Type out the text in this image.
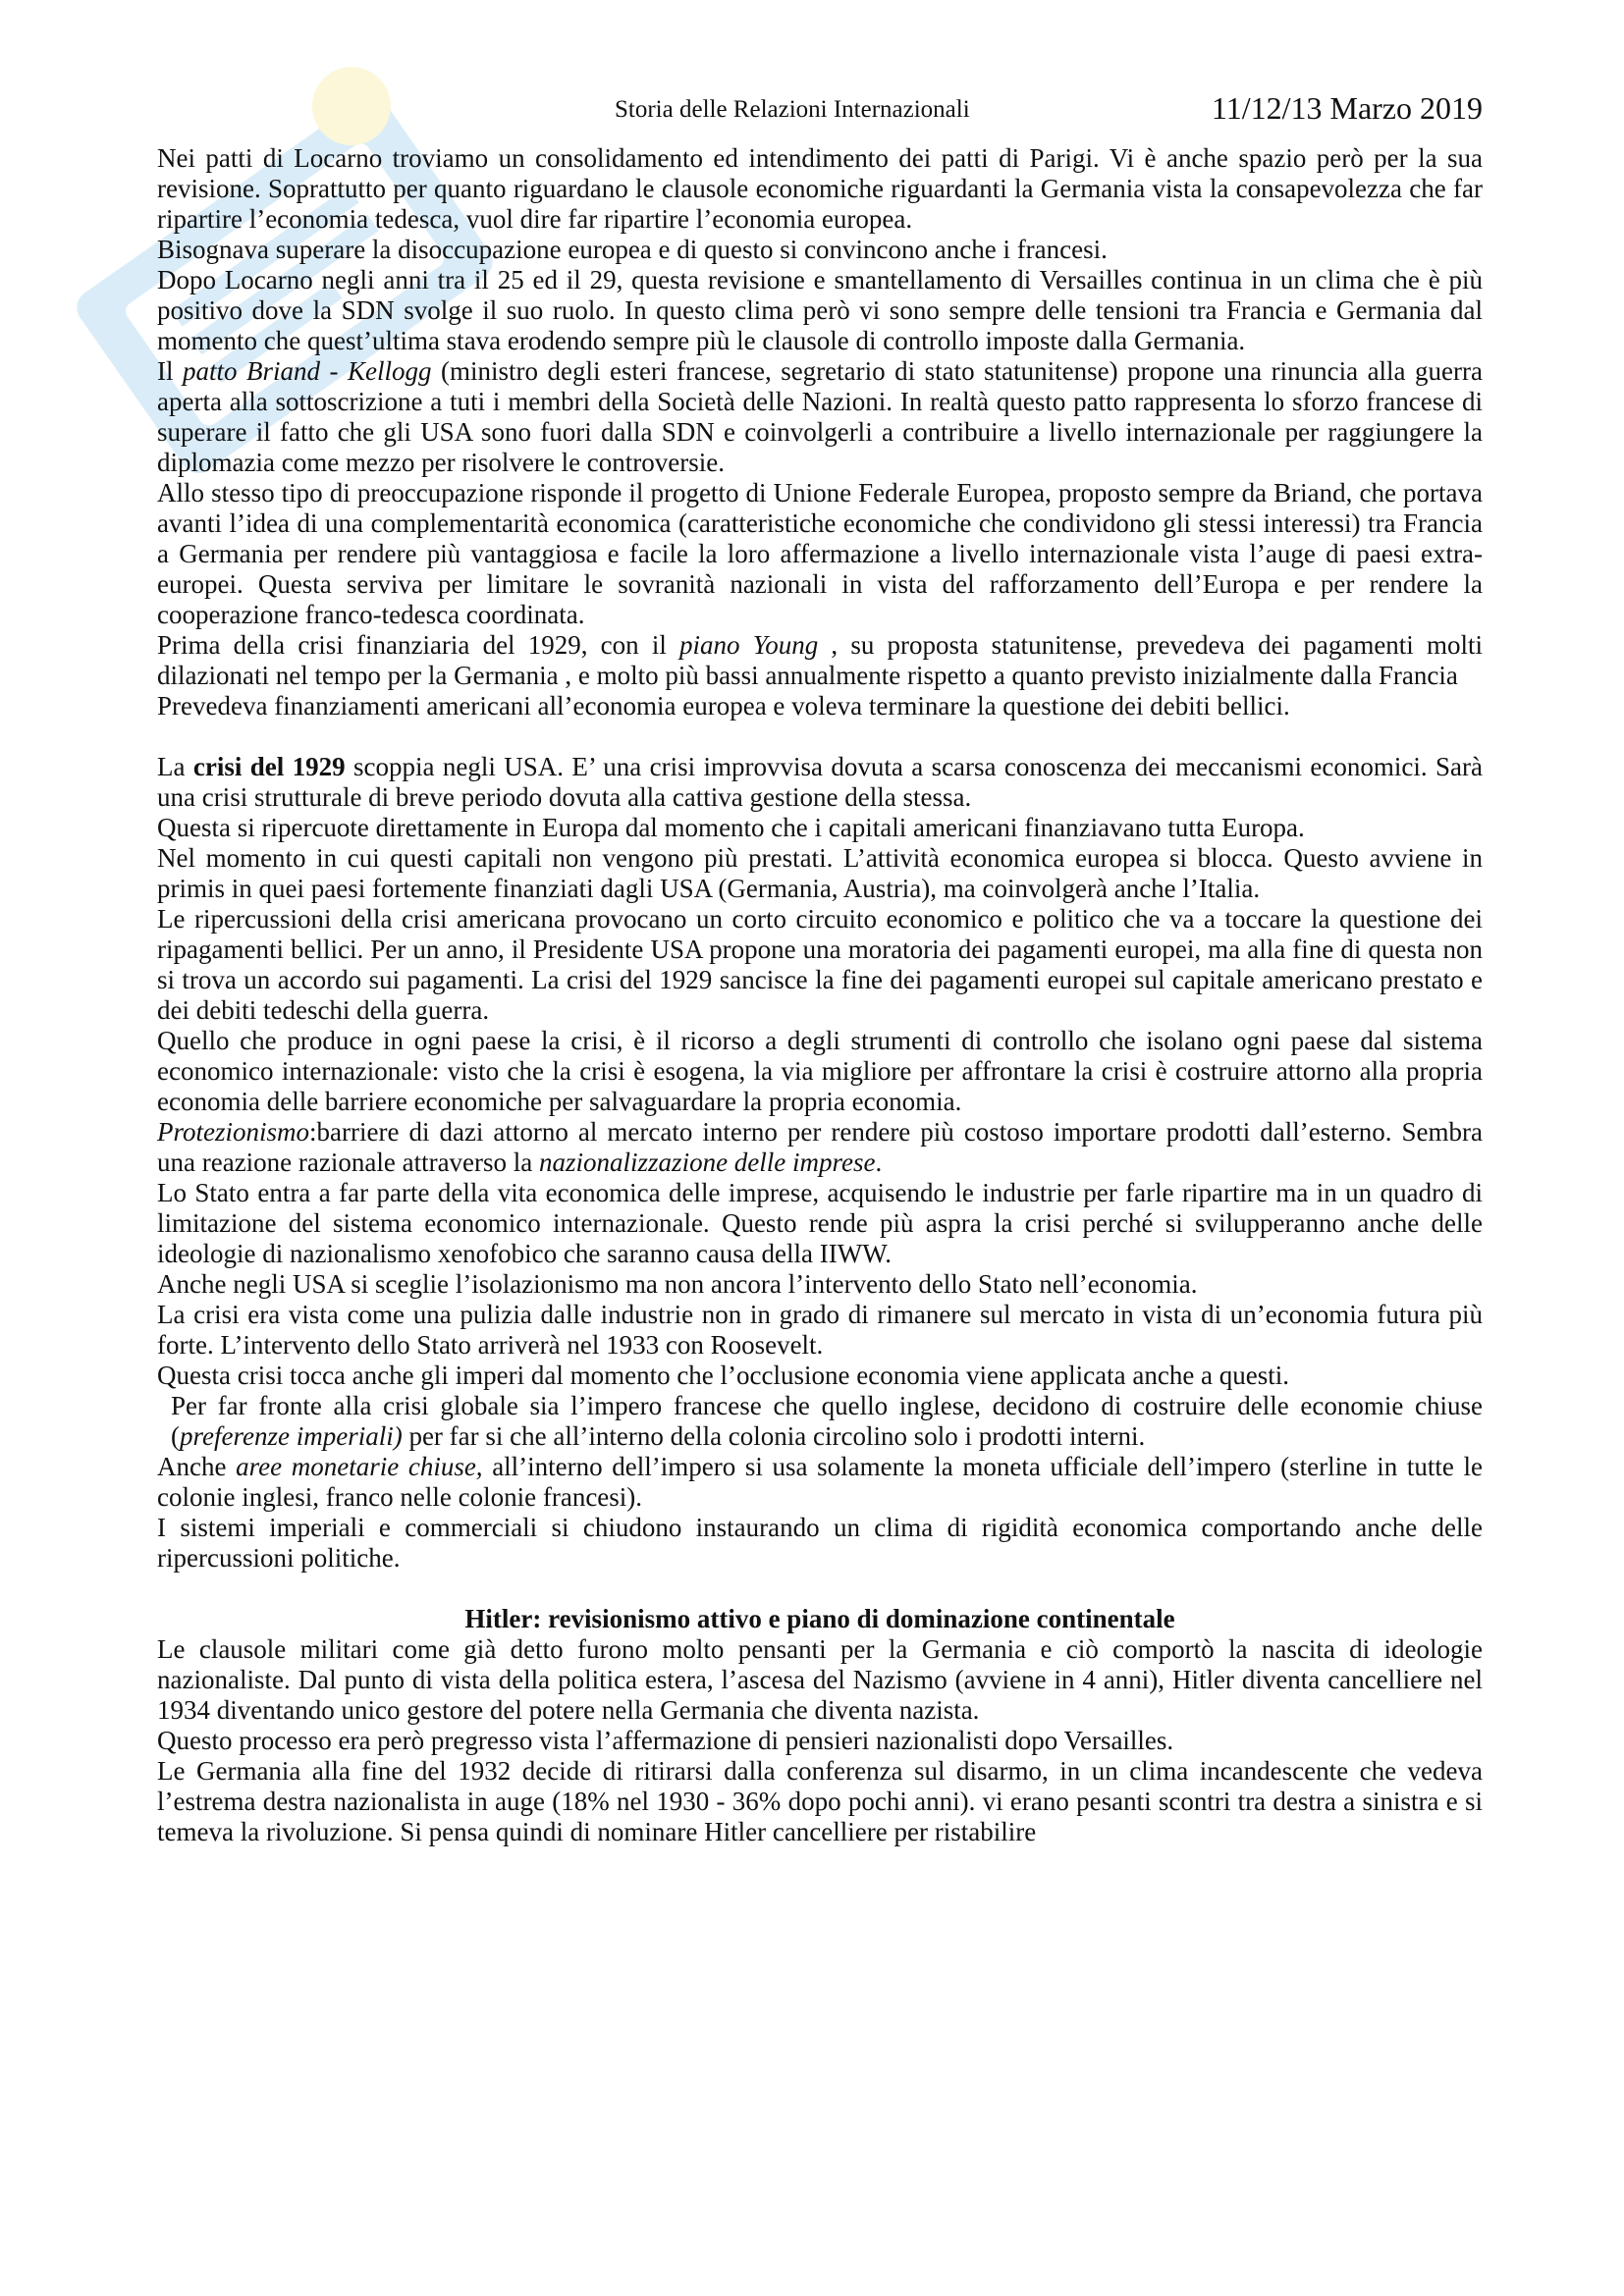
Storia delle Relazioni Internazionali	11/12/13 Marzo 2019

Nei patti di Locarno troviamo un consolidamento ed intendimento dei patti di Parigi. Vi è anche spazio però per la sua revisione. Soprattutto per quanto riguardano le clausole economiche riguardanti la Germania vista la consapevolezza che far ripartire l’economia tedesca, vuol dire far ripartire l’economia europea.

Bisognava superare la disoccupazione europea e di questo si convincono anche i francesi.

Dopo Locarno negli anni tra il 25 ed il 29, questa revisione e smantellamento di Versailles continua in un clima che è più positivo dove la SDN svolge il suo ruolo. In questo clima però vi sono sempre delle tensioni tra Francia e Germania dal momento che quest’ultima stava erodendo sempre più le clausole di controllo imposte dalla Germania.

Il patto Briand - Kellogg (ministro degli esteri francese, segretario di stato statunitense) propone una rinuncia alla guerra aperta alla sottoscrizione a tuti i membri della Società delle Nazioni. In realtà questo patto rappresenta lo sforzo francese di superare il fatto che gli USA sono fuori dalla SDN e coinvolgerli a contribuire a livello internazionale per raggiungere la diplomazia come mezzo per risolvere le controversie.

Allo stesso tipo di preoccupazione risponde il progetto di Unione Federale Europea, proposto sempre da Briand, che portava avanti l’idea di una complementarità economica (caratteristiche economiche che condividono gli stessi interessi) tra Francia a Germania per rendere più vantaggiosa e facile la loro affermazione a livello internazionale vista l’auge di paesi extra-europei. Questa serviva per limitare le sovranità nazionali in vista del rafforzamento dell’Europa e per rendere la cooperazione franco-tedesca coordinata.

Prima della crisi finanziaria del 1929, con il piano Young , su proposta statunitense, prevedeva dei pagamenti molti dilazionati nel tempo per la Germania , e molto più bassi annualmente rispetto a quanto previsto inizialmente dalla Francia

Prevedeva finanziamenti americani all’economia europea e voleva terminare la questione dei debiti bellici.

La crisi del 1929 scoppia negli USA. E’ una crisi improvvisa dovuta a scarsa conoscenza dei meccanismi economici. Sarà una crisi strutturale di breve periodo dovuta alla cattiva gestione della stessa.

Questa si ripercuote direttamente in Europa dal momento che i capitali americani finanziavano tutta Europa.

Nel momento in cui questi capitali non vengono più prestati. L’attività economica europea si blocca. Questo avviene in primis in quei paesi fortemente finanziati dagli USA (Germania, Austria), ma coinvolgerà anche l’Italia.

Le ripercussioni della crisi americana provocano un corto circuito economico e politico che va a toccare la questione dei ripagamenti bellici. Per un anno, il Presidente USA propone una moratoria dei pagamenti europei, ma alla fine di questa non si trova un accordo sui pagamenti. La crisi del 1929 sancisce la fine dei pagamenti europei sul capitale americano prestato e dei debiti tedeschi della guerra.

Quello che produce in ogni paese la crisi, è il ricorso a degli strumenti di controllo che isolano ogni paese dal sistema economico internazionale: visto che la crisi è esogena, la via migliore per affrontare la crisi è costruire attorno alla propria economia delle barriere economiche per salvaguardare la propria economia.

Protezionismo:barriere di dazi attorno al mercato interno per rendere più costoso importare prodotti dall’esterno. Sembra una reazione razionale attraverso la nazionalizzazione delle imprese.

Lo Stato entra a far parte della vita economica delle imprese, acquisendo le industrie per farle ripartire ma in un quadro di limitazione del sistema economico internazionale. Questo rende più aspra la crisi perché si svilupperanno anche delle ideologie di nazionalismo xenofobico che saranno causa della IIWW.

Anche negli USA si sceglie l’isolazionismo ma non ancora l’intervento dello Stato nell’economia.

La crisi era vista come una pulizia dalle industrie non in grado di rimanere sul mercato in vista di un’economia futura più forte. L’intervento dello Stato arriverà nel 1933 con Roosevelt.

Questa crisi tocca anche gli imperi dal momento che l’occlusione economia viene applicata anche a questi.

Per far fronte alla crisi globale sia l’impero francese che quello inglese, decidono di costruire delle economie chiuse (preferenze imperiali) per far si che all’interno della colonia circolino solo i prodotti interni.

Anche aree monetarie chiuse, all’interno dell’impero si usa solamente la moneta ufficiale dell’impero (sterline in tutte le colonie inglesi, franco nelle colonie francesi).

I sistemi imperiali e commerciali si chiudono instaurando un clima di rigidità economica comportando anche delle ripercussioni politiche.

Hitler: revisionismo attivo e piano di dominazione continentale

Le clausole militari come già detto furono molto pensanti per la Germania e ciò comportò la nascita di ideologie nazionaliste. Dal punto di vista della politica estera, l’ascesa del Nazismo (avviene in 4 anni), Hitler diventa cancelliere nel 1934 diventando unico gestore del potere nella Germania che diventa nazista.

Questo processo era però pregresso vista l’affermazione di pensieri nazionalisti dopo Versailles.

Le Germania alla fine del 1932 decide di ritirarsi dalla conferenza sul disarmo, in un clima incandescente che vedeva l’estrema destra nazionalista in auge (18% nel 1930 - 36% dopo pochi anni). vi erano pesanti scontri tra destra a sinistra e si temeva la rivoluzione. Si pensa quindi di nominare Hitler cancelliere per ristabilire
